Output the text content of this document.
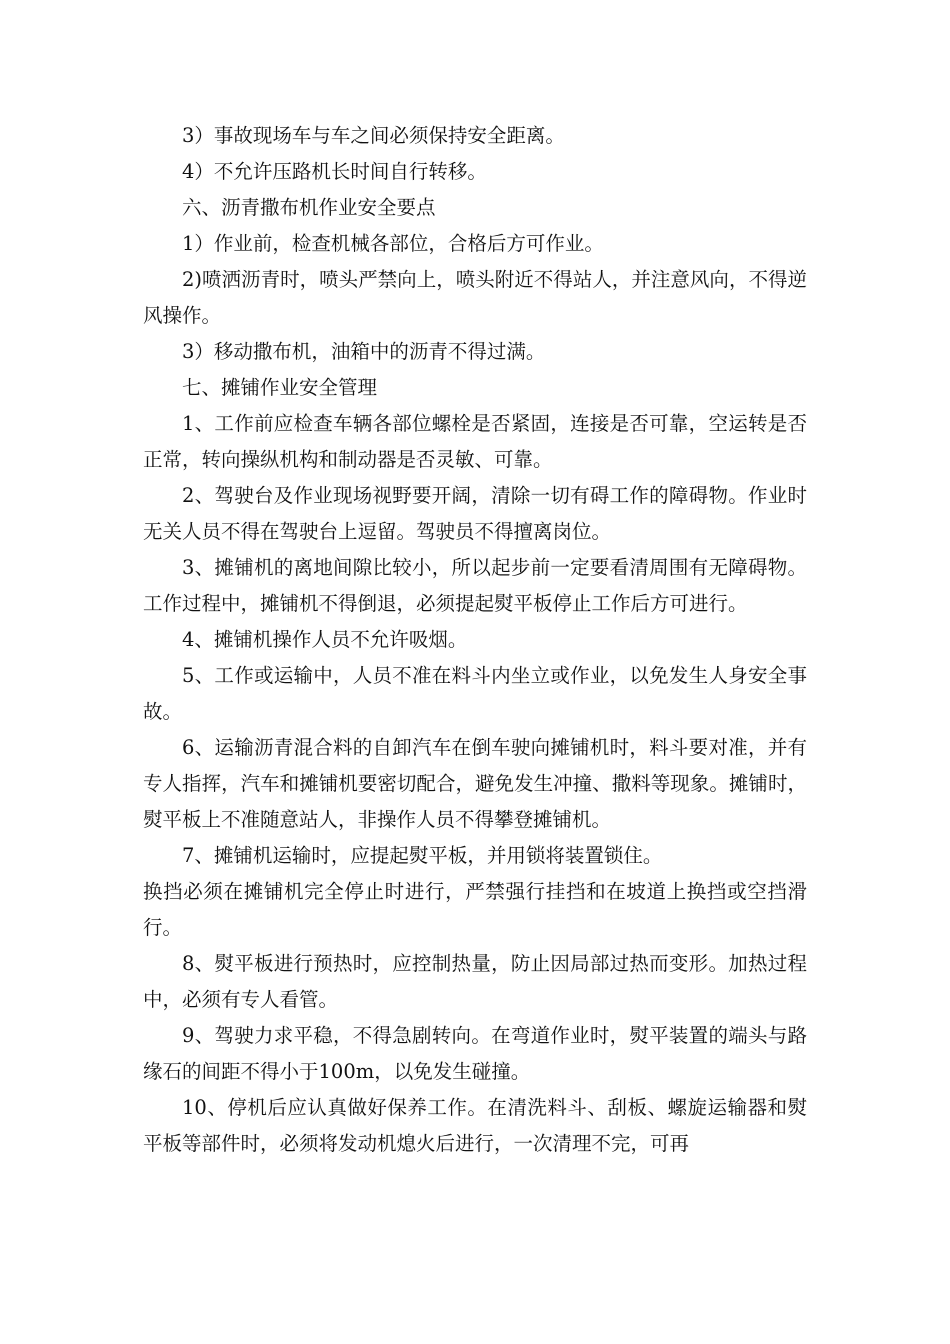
3）事故现场车与车之间必须保持安全距离。

4）不允许压路机长时间自行转移。

六、沥青撒布机作业安全要点

1）作业前，检查机械各部位，合格后方可作业。

2)喷洒沥青时，喷头严禁向上，喷头附近不得站人，并注意风向，不得逆风操作。

3）移动撒布机，油箱中的沥青不得过满。

七、摊铺作业安全管理

1、工作前应检查车辆各部位螺栓是否紧固，连接是否可靠，空运转是否正常，转向操纵机构和制动器是否灵敏、可靠。

2、驾驶台及作业现场视野要开阔，清除一切有碍工作的障碍物。作业时无关人员不得在驾驶台上逗留。驾驶员不得擅离岗位。

3、摊铺机的离地间隙比较小，所以起步前一定要看清周围有无障碍物。工作过程中，摊铺机不得倒退，必须提起熨平板停止工作后方可进行。

4、摊铺机操作人员不允许吸烟。

5、工作或运输中，人员不准在料斗内坐立或作业，以免发生人身安全事故。

6、运输沥青混合料的自卸汽车在倒车驶向摊铺机时，料斗要对准，并有专人指挥，汽车和摊铺机要密切配合，避免发生冲撞、撒料等现象。摊铺时，熨平板上不准随意站人，非操作人员不得攀登摊铺机。

7、摊铺机运输时，应提起熨平板，并用锁将装置锁住。

换挡必须在摊铺机完全停止时进行，严禁强行挂挡和在坡道上换挡或空挡滑行。

8、熨平板进行预热时，应控制热量，防止因局部过热而变形。加热过程中，必须有专人看管。

9、驾驶力求平稳，不得急剧转向。在弯道作业时，熨平装置的端头与路缘石的间距不得小于100m，以免发生碰撞。

10、停机后应认真做好保养工作。在清洗料斗、刮板、螺旋运输器和熨平板等部件时，必须将发动机熄火后进行，一次清理不完，可再
